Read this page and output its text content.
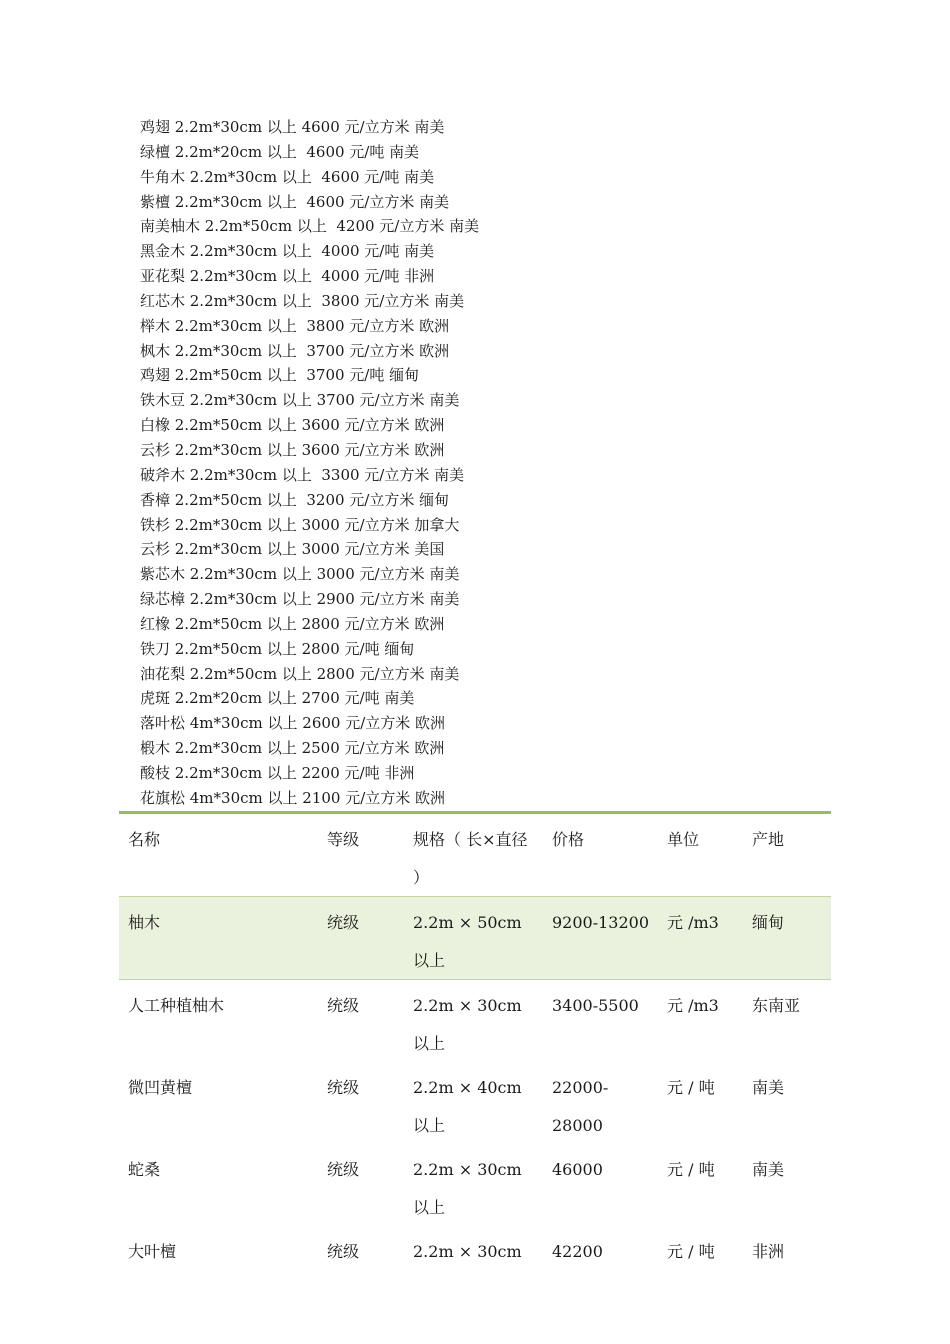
鸡翅 2.2m*30cm 以上 4600 元/立方米 南美
绿檀 2.2m*20cm 以上  4600 元/吨 南美
牛角木 2.2m*30cm 以上  4600 元/吨 南美
紫檀 2.2m*30cm 以上  4600 元/立方米 南美
南美柚木 2.2m*50cm 以上  4200 元/立方米 南美
黑金木 2.2m*30cm 以上  4000 元/吨 南美
亚花梨 2.2m*30cm 以上  4000 元/吨 非洲
红芯木 2.2m*30cm 以上  3800 元/立方米 南美
榉木 2.2m*30cm 以上  3800 元/立方米 欧洲
枫木 2.2m*30cm 以上  3700 元/立方米 欧洲
鸡翅 2.2m*50cm 以上  3700 元/吨 缅甸
铁木豆 2.2m*30cm 以上 3700 元/立方米 南美
白橡 2.2m*50cm 以上 3600 元/立方米 欧洲
云杉 2.2m*30cm 以上 3600 元/立方米 欧洲
破斧木 2.2m*30cm 以上  3300 元/立方米 南美
香樟 2.2m*50cm 以上  3200 元/立方米 缅甸
铁杉 2.2m*30cm 以上 3000 元/立方米 加拿大
云杉 2.2m*30cm 以上 3000 元/立方米 美国
紫芯木 2.2m*30cm 以上 3000 元/立方米 南美
绿芯樟 2.2m*30cm 以上 2900 元/立方米 南美
红橡 2.2m*50cm 以上 2800 元/立方米 欧洲
铁刀 2.2m*50cm 以上 2800 元/吨 缅甸
油花梨 2.2m*50cm 以上 2800 元/立方米 南美
虎斑 2.2m*20cm 以上 2700 元/吨 南美
落叶松 4m*30cm 以上 2600 元/立方米 欧洲
椴木 2.2m*30cm 以上 2500 元/立方米 欧洲
酸枝 2.2m*30cm 以上 2200 元/吨 非洲
花旗松 4m*30cm 以上 2100 元/立方米 欧洲
名称	等级	规格（ 长×直径 ）	价格	单位	产地
柚木	统级	2.2m × 50cm 以上	9200-13200	元 /m3	缅甸
人工种植柚木	统级	2.2m × 30cm 以上	3400-5500	元 /m3	东南亚
微凹黄檀	统级	2.2m × 40cm 以上	22000-28000	元 / 吨	南美
蛇桑	统级	2.2m × 30cm 以上	46000	元 / 吨	南美
大叶檀	统级	2.2m × 30cm	42200	元 / 吨	非洲
